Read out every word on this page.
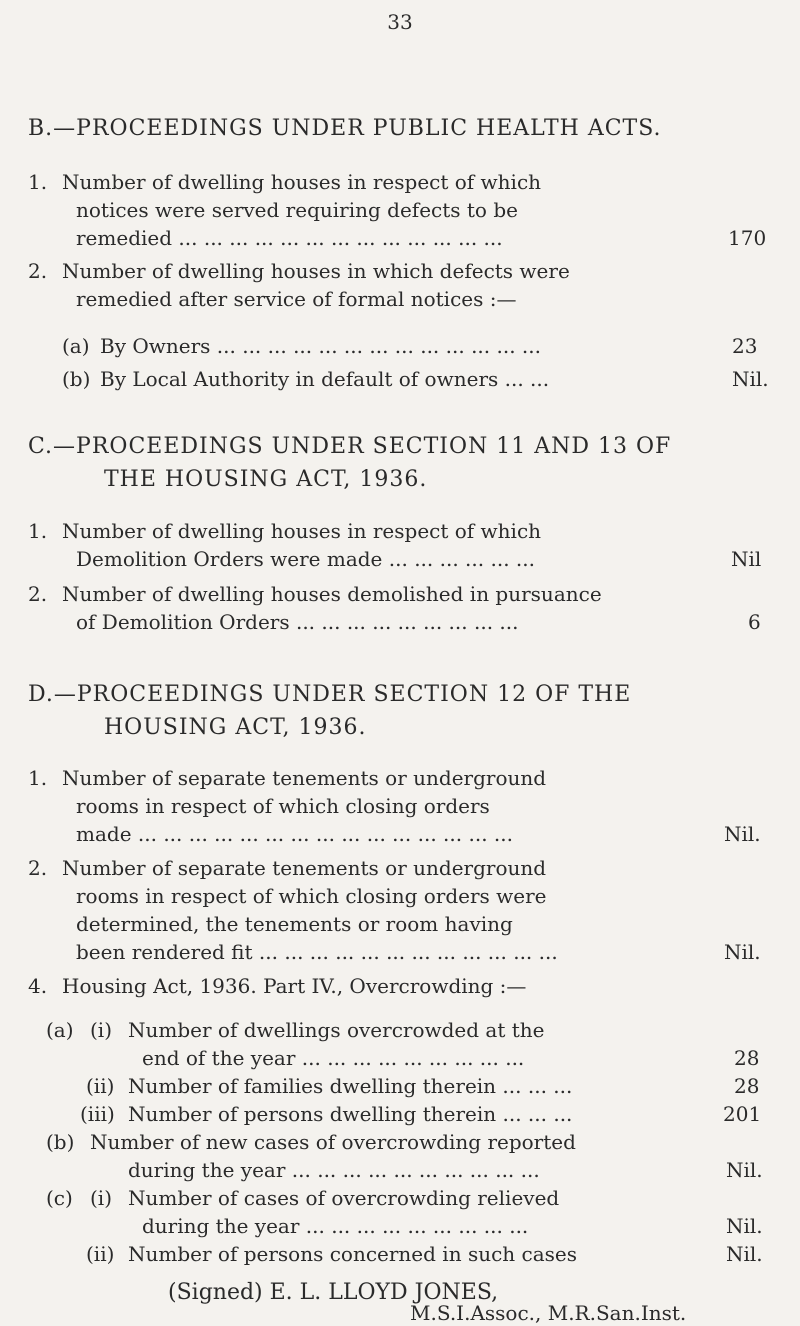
33
B.—PROCEEDINGS UNDER PUBLIC HEALTH ACTS.
1. Number of dwelling houses in respect of which
notices were served requiring defects to be
remedied ... ... ... ... ... ... ... ... ... ... ... ... ...	170
2. Number of dwelling houses in which defects were
remedied after service of formal notices :—
(a) By Owners ... ... ... ... ... ... ... ... ... ... ... ... ...	23
(b) By Local Authority in default of owners ... ...	Nil.
C.—PROCEEDINGS UNDER SECTION 11 AND 13 OF
THE HOUSING ACT, 1936.
1. Number of dwelling houses in respect of which
Demolition Orders were made ... ... ... ... ... ...	Nil
2. Number of dwelling houses demolished in pursuance
of Demolition Orders ... ... ... ... ... ... ... ... ...	6
D.—PROCEEDINGS UNDER SECTION 12 OF THE
HOUSING ACT, 1936.
1. Number of separate tenements or underground
rooms in respect of which closing orders
made ... ... ... ... ... ... ... ... ... ... ... ... ... ... ...	Nil.
2. Number of separate tenements or underground
rooms in respect of which closing orders were
determined, the tenements or room having
been rendered fit ... ... ... ... ... ... ... ... ... ... ... ...	Nil.
4. Housing Act, 1936. Part IV., Overcrowding :—
(a) (i) Number of dwellings overcrowded at the
end of the year ... ... ... ... ... ... ... ... ...	28
(ii) Number of families dwelling therein ... ... ...	28
(iii) Number of persons dwelling therein ... ... ...	201
(b) Number of new cases of overcrowding reported
during the year ... ... ... ... ... ... ... ... ... ...	Nil.
(c) (i) Number of cases of overcrowding relieved
during the year ... ... ... ... ... ... ... ... ...	Nil.
(ii) Number of persons concerned in such cases	Nil.
(Signed) E. L. LLOYD JONES,
M.S.I.Assoc., M.R.San.Inst.
